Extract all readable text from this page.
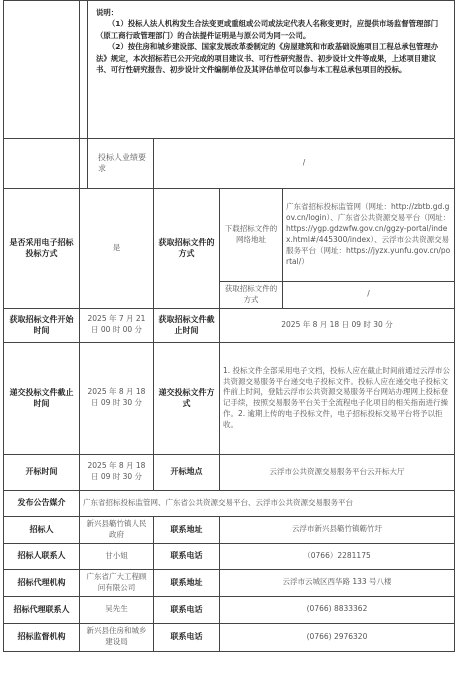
		说明：

（1）投标人法人机构发生合法变更或重组或公司或法定代表人名称变更时，应提供市场监督管理部门（原工商行政管理部门）的合法提件证明是与原公司为同一公司。

（2）按住房和城乡建设部、国家发展改革委制定的《房屋建筑和市政基础设施项目工程总承包管理办法》规定，本次招标若已公开完成的项目建议书、可行性研究报告、初步设计文件等成果，上述项目建议书、可行性研究报告、初步设计文件编制单位及其评估单位可以参与本工程总承包项目的投标。			

		投标人业绩要求	/		
是否采用电子招标投标方式	是		获取招标文件的方式	下载招标文件的网络地址	广东省招标投标监管网（网址：http://zbtb.gd.gov.cn/login）、广东省公共资源交易平台（网址：https://ygp.gdzwfw.gov.cn/ggzy-portal/index.html#/445300/index）、云浮市公共资源交易服务平台（网址：https://jyzx.yunfu.gov.cn/portal/）
				获取招标文件的方式	/
获取招标文件开始时间	2025 年 7 月 21 日 00 时 00 分		获取招标文件截止时间	2025 年 8 月 18 日 09 时 30 分	
递交投标文件截止时间	2025 年 8 月 18 日 09 时 30 分		递交投标文件方式	1. 投标文件全部采用电子文档，投标人应在截止时间前通过云浮市公共资源交易服务平台递交电子投标文件。投标人应在递交电子投标文件前上时间，登陆云浮市公共资源交易服务平台网站办理网上投标登记手续，按照交易服务平台关于全流程电子化项目的相关指南进行操作。2. 逾期上传的电子投标文件，电子招标投标交易平台将予以拒收。	
开标时间	2025 年 8 月 18 日 09 时 30 分		开标地点	云浮市公共资源交易服务平台云开标大厅	
发布公告媒介	广东省招标投标监管网、广东省公共资源交易平台、云浮市公共资源交易服务平台				
招标人	新兴县簕竹镇人民政府		联系地址	云浮市新兴县簕竹镇簕竹圩	
招标人联系人	甘小姐		联系电话	（0766）2281175	
招标代理机构	广东省广大工程顾问有限公司		联系地址	云浮市云城区西华路 133 号八楼	
招标代理联系人	吴先生		联系电话	(0766) 8833362	
招标监督机构	新兴县住房和城乡建设局		联系电话	(0766) 2976320	
